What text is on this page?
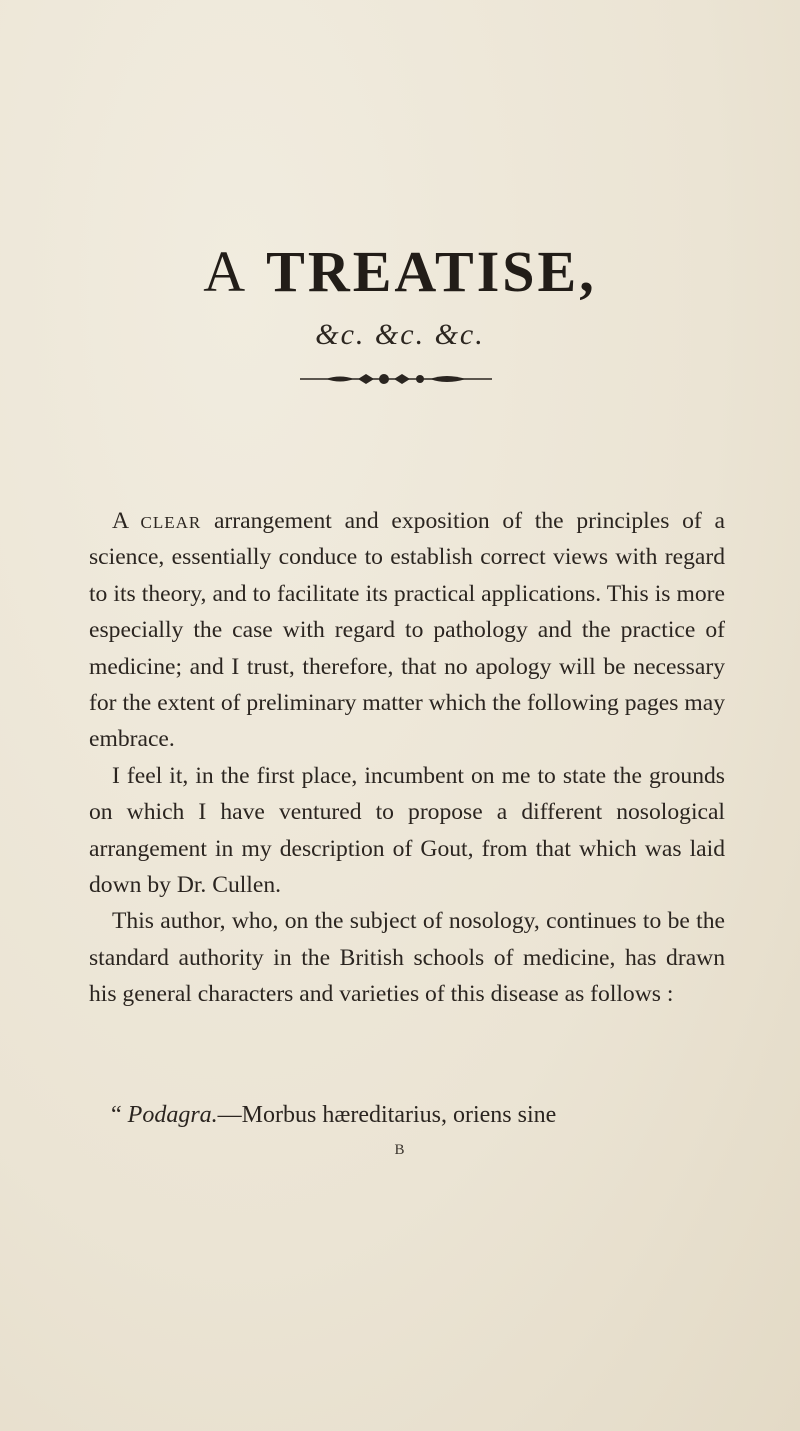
A TREATISE,
&c. &c. &c.

A clear arrangement and exposition of the principles of a science, essentially conduce to establish correct views with regard to its theory, and to facilitate its practical applications. This is more especially the case with regard to pathology and the practice of medicine; and I trust, therefore, that no apology will be necessary for the extent of preliminary matter which the following pages may embrace.

I feel it, in the first place, incumbent on me to state the grounds on which I have ventured to propose a different nosological arrangement in my description of Gout, from that which was laid down by Dr. Cullen.

This author, who, on the subject of nosology, continues to be the standard authority in the British schools of medicine, has drawn his general characters and varieties of this disease as follows :

“ Podagra.—Morbus hæreditarius, oriens sine
B
